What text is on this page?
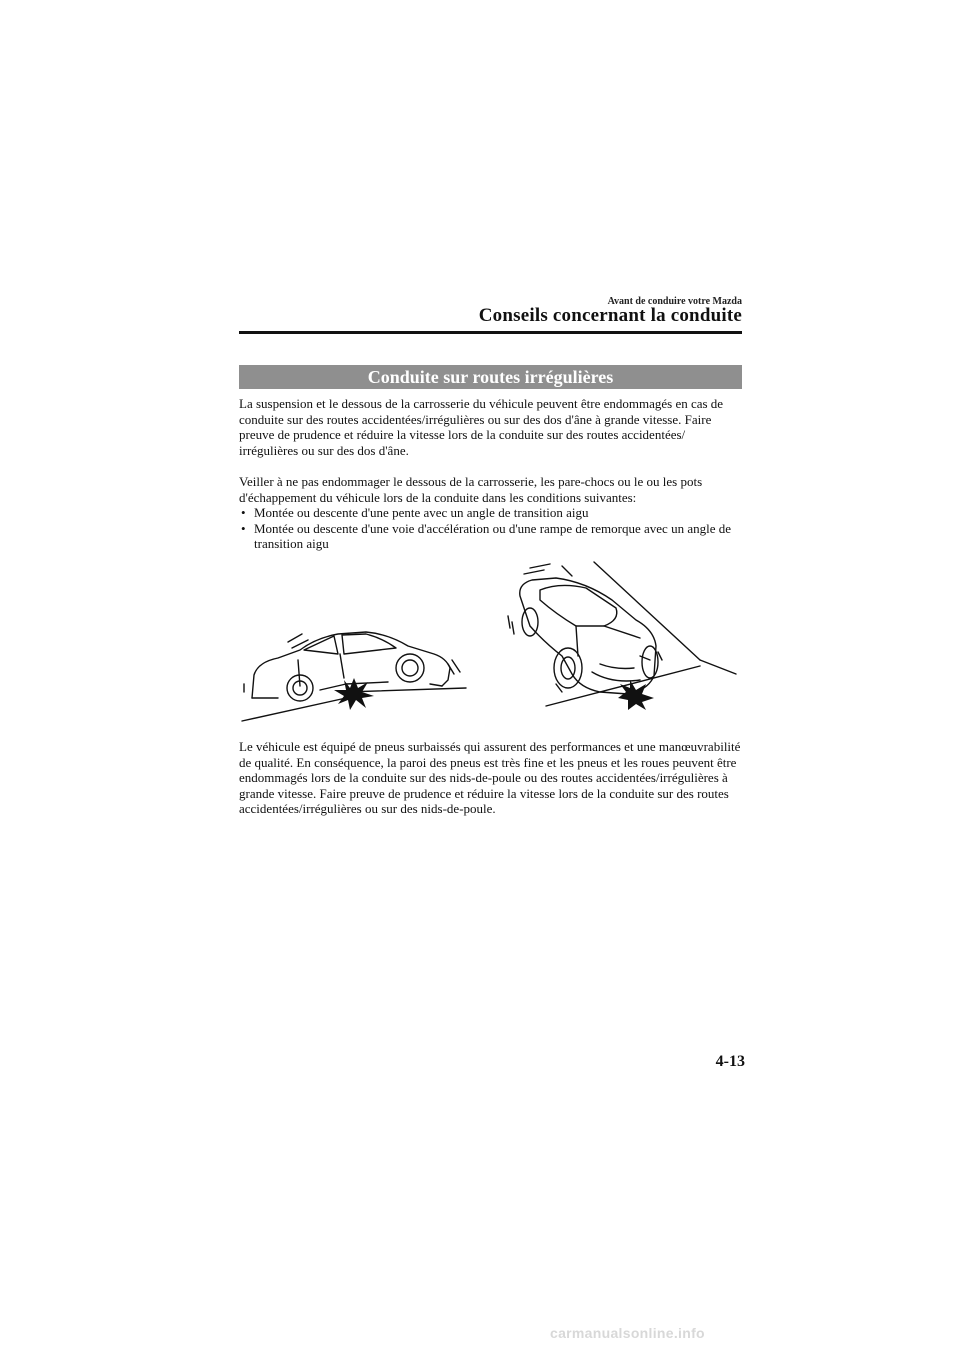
Avant de conduire votre Mazda
Conseils concernant la conduite
Conduite sur routes irrégulières
La suspension et le dessous de la carrosserie du véhicule peuvent être endommagés en cas de conduite sur des routes accidentées/irrégulières ou sur des dos d'âne à grande vitesse. Faire preuve de prudence et réduire la vitesse lors de la conduite sur des routes accidentées/ irrégulières ou sur des dos d'âne.
Veiller à ne pas endommager le dessous de la carrosserie, les pare-chocs ou le ou les pots d'échappement du véhicule lors de la conduite dans les conditions suivantes:
• Montée ou descente d'une pente avec un angle de transition aigu
• Montée ou descente d'une voie d'accélération ou d'une rampe de remorque avec un angle de transition aigu
Le véhicule est équipé de pneus surbaissés qui assurent des performances et une manœuvrabilité de qualité. En conséquence, la paroi des pneus est très fine et les pneus et les roues peuvent être endommagés lors de la conduite sur des nids-de-poule ou des routes accidentées/irrégulières à grande vitesse. Faire preuve de prudence et réduire la vitesse lors de la conduite sur des routes accidentées/irrégulières ou sur des nids-de-poule.
4-13
carmanualsonline.info
